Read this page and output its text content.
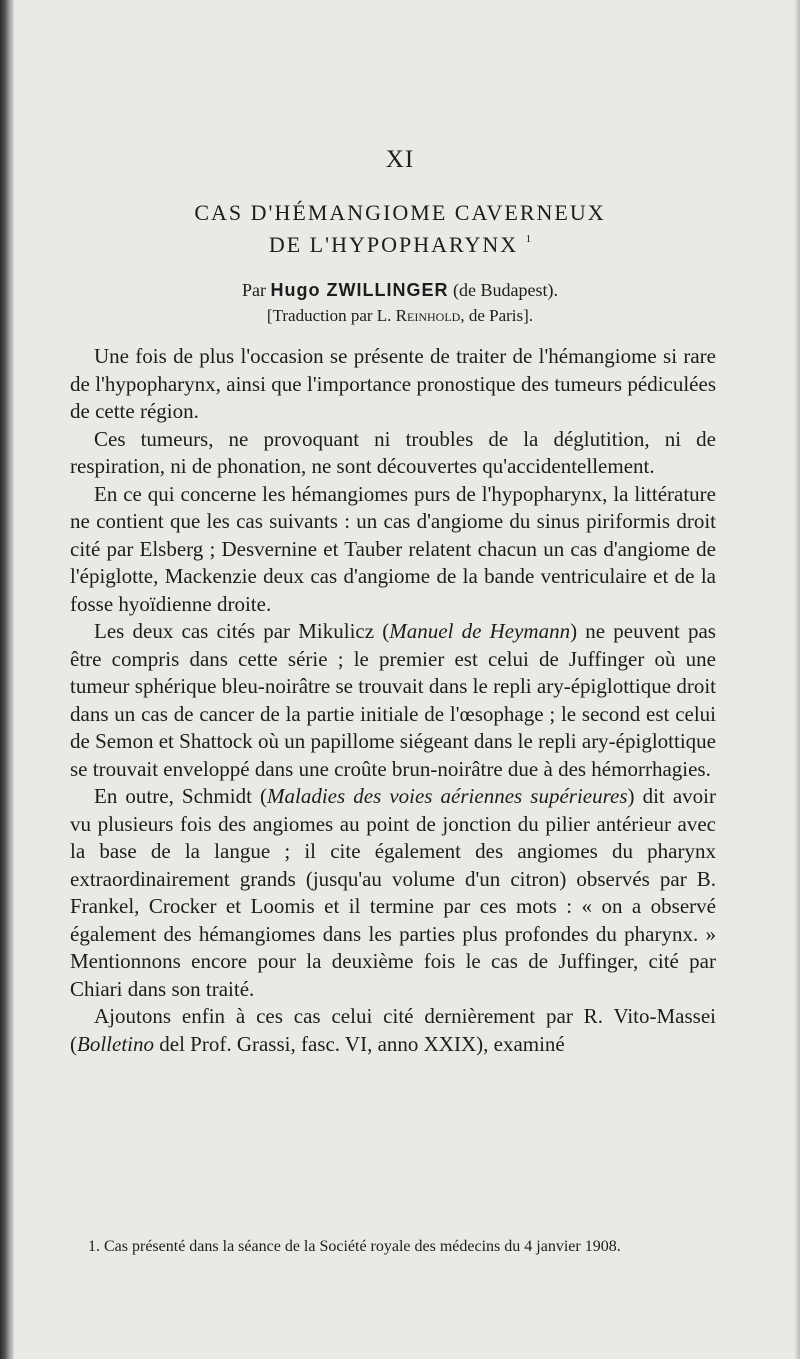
XI
CAS D'HÉMANGIOME CAVERNEUX
DE L'HYPOPHARYNX $^1$
Par Hugo ZWILLINGER (de Budapest).
[Traduction par L. Reinhold, de Paris].

Une fois de plus l'occasion se présente de traiter de l'hémangiome si rare de l'hypopharynx, ainsi que l'importance pronostique des tumeurs pédiculées de cette région.

Ces tumeurs, ne provoquant ni troubles de la déglutition, ni de respiration, ni de phonation, ne sont découvertes qu'accidentellement.

En ce qui concerne les hémangiomes purs de l'hypopharynx, la littérature ne contient que les cas suivants : un cas d'angiome du sinus piriformis droit cité par Elsberg ; Desvernine et Tauber relatent chacun un cas d'angiome de l'épiglotte, Mackenzie deux cas d'angiome de la bande ventriculaire et de la fosse hyoïdienne droite.

Les deux cas cités par Mikulicz (Manuel de Heymann) ne peuvent pas être compris dans cette série ; le premier est celui de Juffinger où une tumeur sphérique bleu-noirâtre se trouvait dans le repli ary-épiglottique droit dans un cas de cancer de la partie initiale de l'œsophage ; le second est celui de Semon et Shattock où un papillome siégeant dans le repli ary-épiglottique se trouvait enveloppé dans une croûte brun-noirâtre due à des hémorrhagies.

En outre, Schmidt (Maladies des voies aériennes supérieures) dit avoir vu plusieurs fois des angiomes au point de jonction du pilier antérieur avec la base de la langue ; il cite également des angiomes du pharynx extraordinairement grands (jusqu'au volume d'un citron) observés par B. Frankel, Crocker et Loomis et il termine par ces mots : « on a observé également des hémangiomes dans les parties plus profondes du pharynx. » Mentionnons encore pour la deuxième fois le cas de Juffinger, cité par Chiari dans son traité.

Ajoutons enfin à ces cas celui cité dernièrement par R. Vito-Massei (Bolletino del Prof. Grassi, fasc. VI, anno XXIX), examiné

1. Cas présenté dans la séance de la Société royale des médecins du 4 janvier 1908.
